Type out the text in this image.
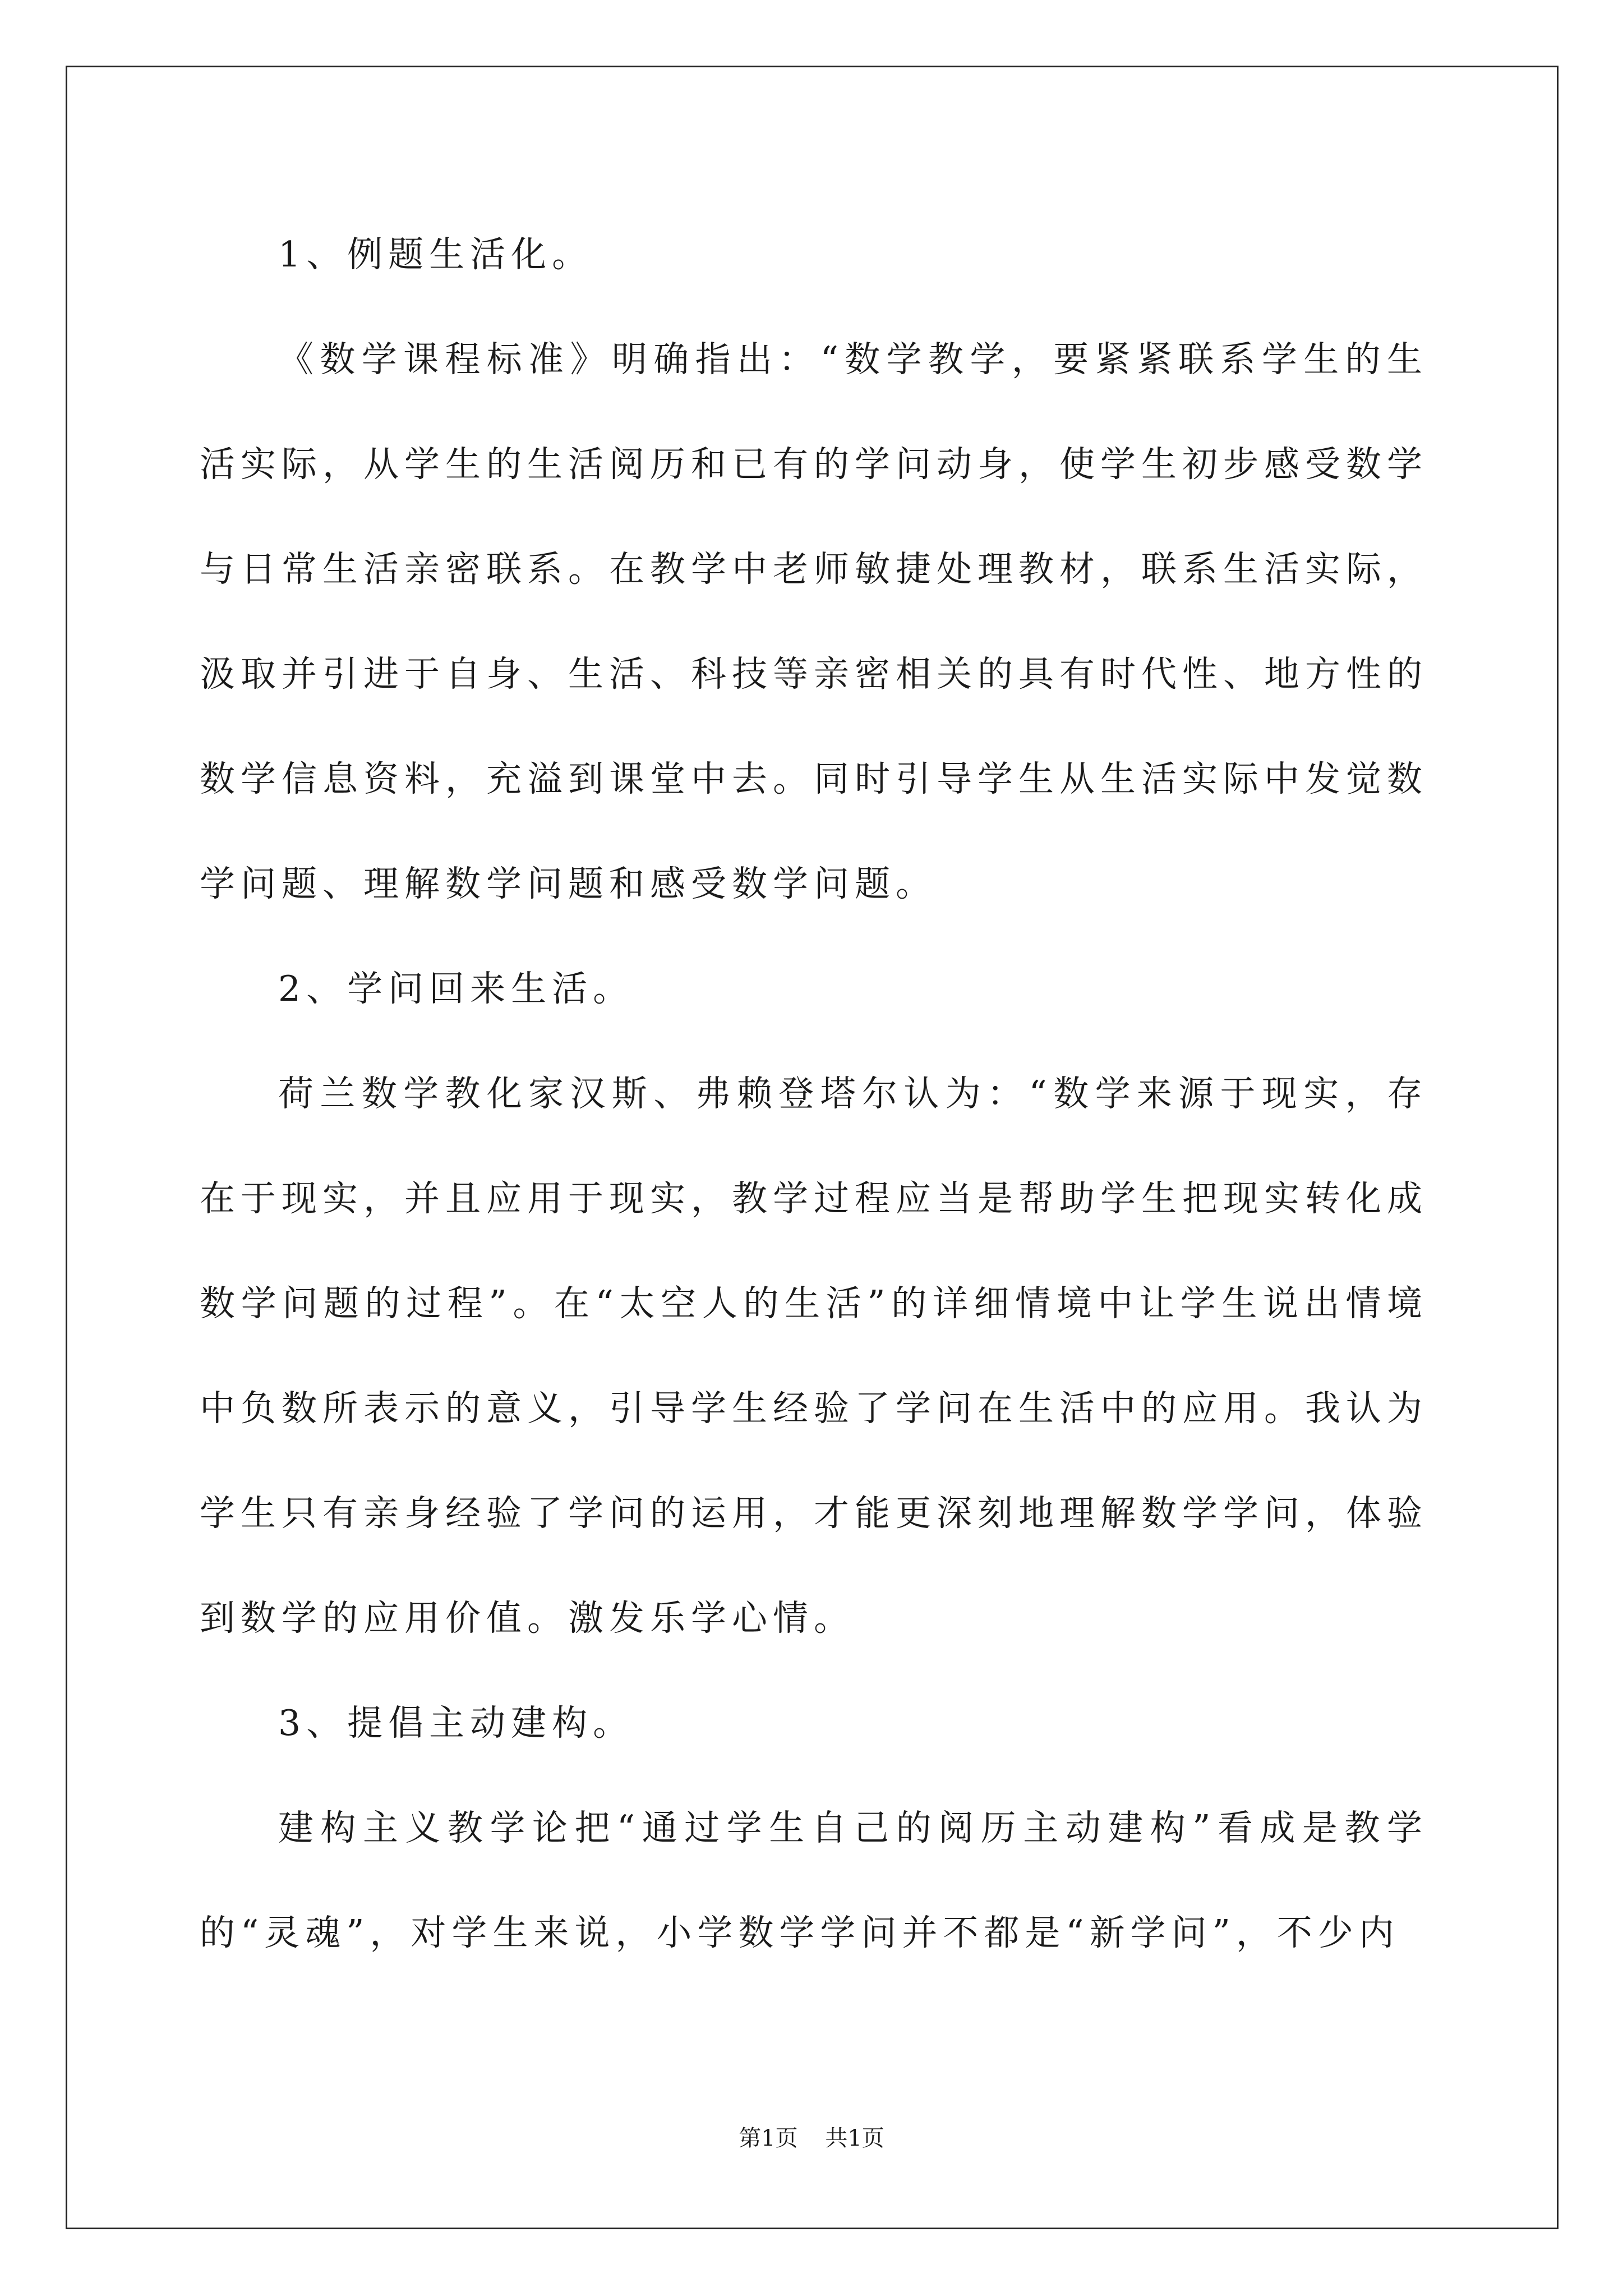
1、例题生活化。

《数学课程标准》明确指出：“数学教学，要紧紧联系学生的生活实际，从学生的生活阅历和已有的学问动身，使学生初步感受数学与日常生活亲密联系。在教学中老师敏捷处理教材，联系生活实际，汲取并引进于自身、生活、科技等亲密相关的具有时代性、地方性的数学信息资料，充溢到课堂中去。同时引导学生从生活实际中发觉数学问题、理解数学问题和感受数学问题。

2、学问回来生活。

荷兰数学教化家汉斯、弗赖登塔尔认为：“数学来源于现实，存在于现实，并且应用于现实，教学过程应当是帮助学生把现实转化成数学问题的过程”。在“太空人的生活”的详细情境中让学生说出情境中负数所表示的意义，引导学生经验了学问在生活中的应用。我认为学生只有亲身经验了学问的运用，才能更深刻地理解数学学问，体验到数学的应用价值。激发乐学心情。

3、提倡主动建构。

建构主义教学论把“通过学生自己的阅历主动建构”看成是教学的“灵魂”，对学生来说，小学数学学问并不都是“新学问”，不少内

第1页 共1页
